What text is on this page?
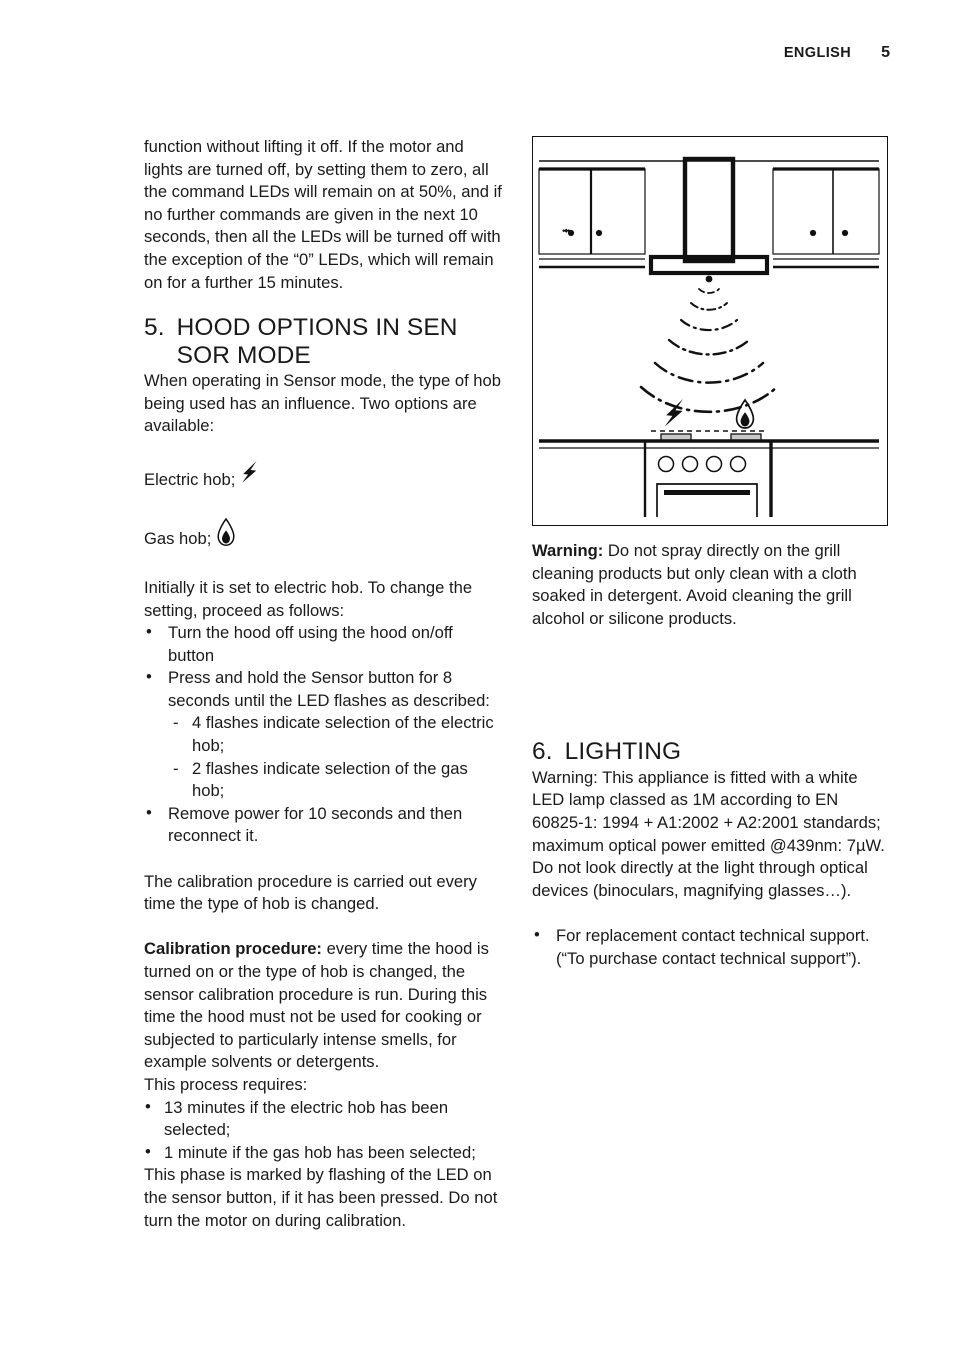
ENGLISH 5

function without lifting it off. If the motor and lights are turned off, by setting them to zero, all the command LEDs will remain on at 50%, and if no further commands are given in the next 10 seconds, then all the LEDs will be turned off with the exception of the “0” LEDs, which will remain on for a further 15 minutes.

5. HOOD OPTIONS IN SEN SOR MODE

When operating in Sensor mode, the type of hob being used has an influence. Two options are available:

Electric hob;

Gas hob;

Initially it is set to electric hob. To change the setting, proceed as follows:

• Turn the hood off using the hood on/off button
• Press and hold the Sensor button for 8 seconds until the LED flashes as described:
- 4 flashes indicate selection of the electric hob;
- 2 flashes indicate selection of the gas hob;
• Remove power for 10 seconds and then reconnect it.

The calibration procedure is carried out every time the type of hob is changed.

Calibration procedure: every time the hood is turned on or the type of hob is changed, the sensor calibration procedure is run. During this time the hood must not be used for cooking or subjected to particularly intense smells, for example solvents or detergents.

This process requires:

• 13 minutes if the electric hob has been selected;
• 1 minute if the gas hob has been selected;

This phase is marked by flashing of the LED on the sensor button, if it has been pressed. Do not turn the motor on during calibration.

Warning: Do not spray directly on the grill cleaning products but only clean with a cloth soaked in detergent. Avoid cleaning the grill alcohol or silicone products.

6. LIGHTING

Warning: This appliance is fitted with a white LED lamp classed as 1M according to EN 60825-1: 1994 + A1:2002 + A2:2001 standards; maximum optical power emitted @439nm: 7µW. Do not look directly at the light through optical devices (binoculars, magnifying glasses…).

• For replacement contact technical support. (“To purchase contact technical support”).
